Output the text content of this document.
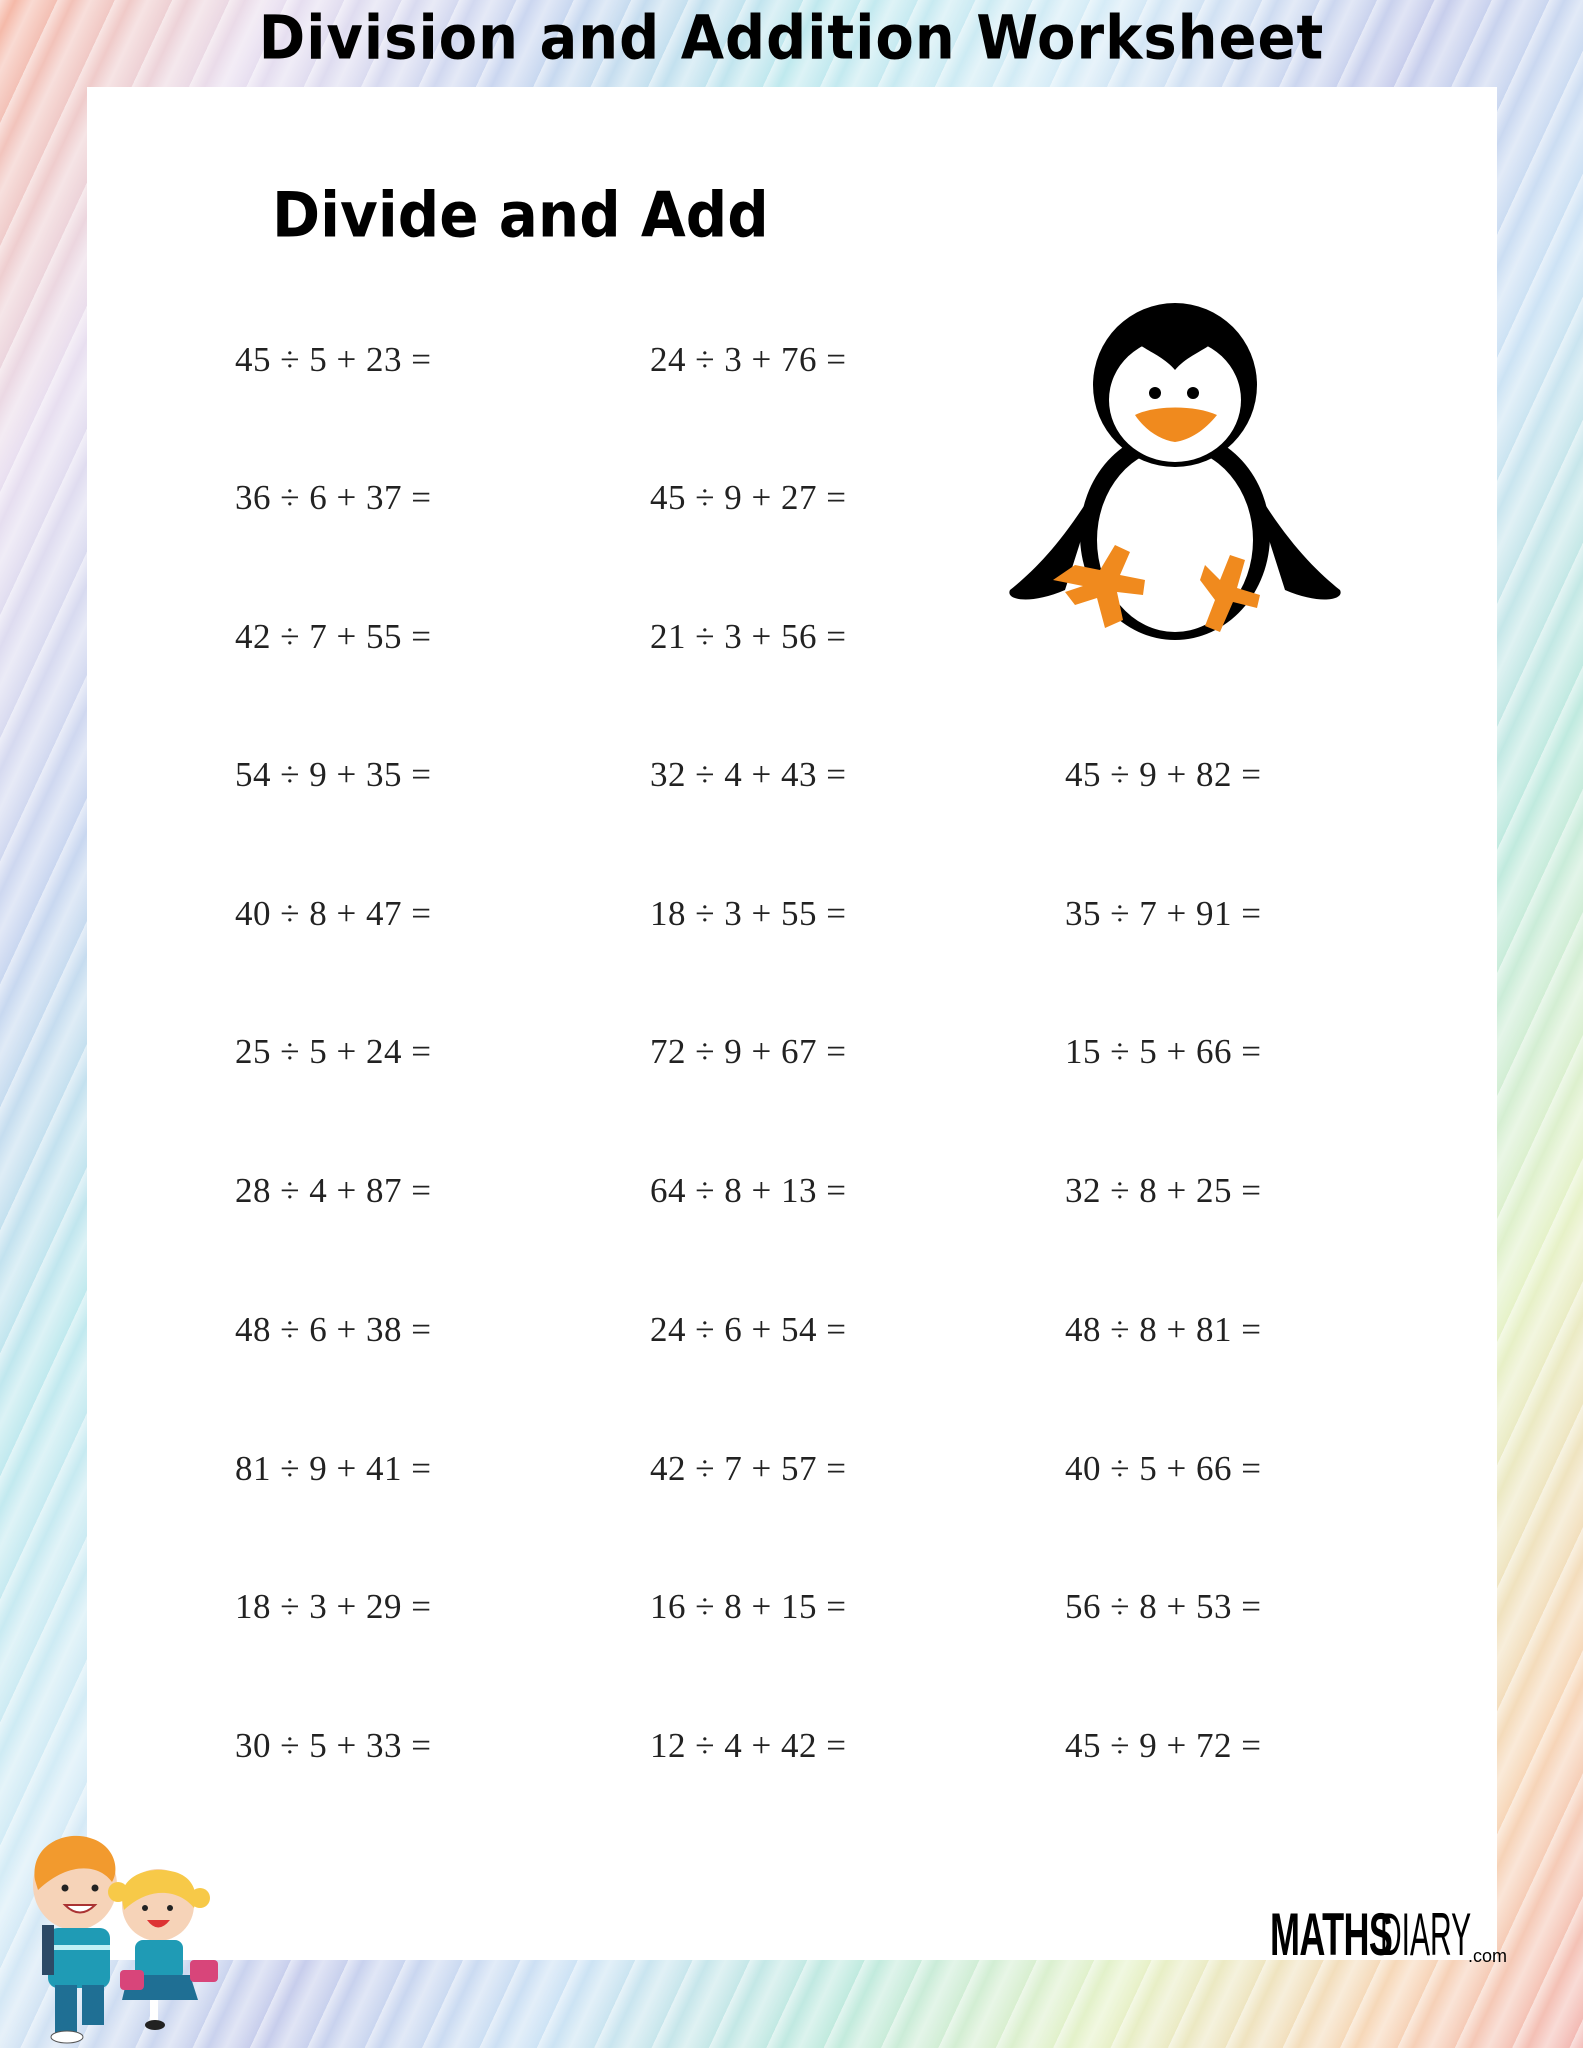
Division and Addition Worksheet
Divide and Add
45 ÷ 5 + 23 =
36 ÷ 6 + 37 =
42 ÷ 7 + 55 =
54 ÷ 9 + 35 =
40 ÷ 8 + 47 =
25 ÷ 5 + 24 =
28 ÷ 4 + 87 =
48 ÷ 6 + 38 =
81 ÷ 9 + 41 =
18 ÷ 3 + 29 =
30 ÷ 5 + 33 =
24 ÷ 3 + 76 =
45 ÷ 9 + 27 =
21 ÷ 3 + 56 =
32 ÷ 4 + 43 =
18 ÷ 3 + 55 =
72 ÷ 9 + 67 =
64 ÷ 8 + 13 =
24 ÷ 6 + 54 =
42 ÷ 7 + 57 =
16 ÷ 8 + 15 =
12 ÷ 4 + 42 =
45 ÷ 9 + 82 =
35 ÷ 7 + 91 =
15 ÷ 5 + 66 =
32 ÷ 8 + 25 =
48 ÷ 8 + 81 =
40 ÷ 5 + 66 =
56 ÷ 8 + 53 =
45 ÷ 9 + 72 =
MATHS
DIARY
.com
